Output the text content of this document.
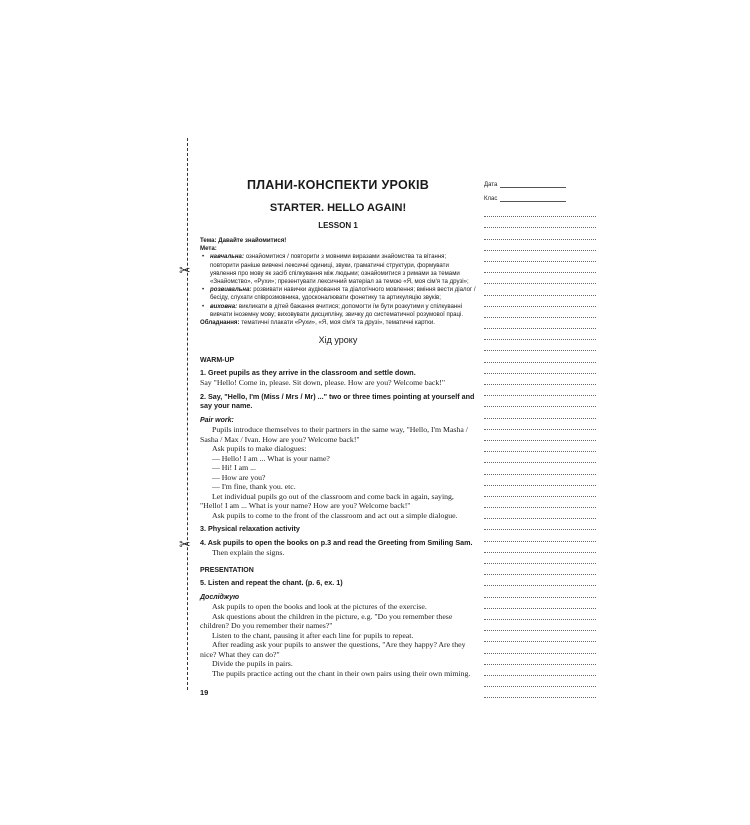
✂
✂
ПЛАНИ-КОНСПЕКТИ УРОКІВ
STARTER. HELLO AGAIN!
LESSON 1
Тема: Давайте знайомитися!
Мета:
• навчальна: ознайомитися / повторити з мовними виразами знайомства та вітання; повторити раніше вивчені лексичні одиниці, звуки, граматичні структури, формувати уявлення про мову як засіб спілкування між людьми; ознайомитися з римами за темами «Знайомство», «Рухи»; презентувати лексичний матеріал за темою «Я, моя сім'я та друзі»;
• розвивальна: розвивати навички аудіювання та діалогічного мовлення; вміння вести діалог / бесіду, слухати співрозмовника, удосконалювати фонетику та артикуляцію звуків;
• виховна: викликати в дітей бажання вчитися; допомогти їм бути розкутими у спілкуванні вивчати іноземну мову; виховувати дисципліну, звичку до систематичної розумової праці.
Обладнання: тематичні плакати «Рухи», «Я, моя сім'я та друзі», тематичні картки.
Хід уроку
WARM-UP
1. Greet pupils as they arrive in the classroom and settle down.
Say "Hello! Come in, please. Sit down, please. How are you? Welcome back!"
2. Say, "Hello, I'm (Miss / Mrs / Mr) ..." two or three times pointing at yourself and say your name.
Pair work:
Pupils introduce themselves to their partners in the same way, "Hello, I'm Masha / Sasha / Max / Ivan. How are you? Welcome back!"
Ask pupils to make dialogues:
— Hello! I am ... What is your name?
— Hi! I am ...
— How are you?
— I'm fine, thank you. etc.
Let individual pupils go out of the classroom and come back in again, saying, "Hello! I am ... What is your name? How are you? Welcome back!"
Ask pupils to come to the front of the classroom and act out a simple dialogue.
3. Physical relaxation activity
4. Ask pupils to open the books on p.3 and read the Greeting from Smiling Sam.
Then explain the signs.
PRESENTATION
5. Listen and repeat the chant. (p. 6, ex. 1)
Досліджую
Ask pupils to open the books and look at the pictures of the exercise.
Ask questions about the children in the picture, e.g. "Do you remember these children? Do you remember their names?"
Listen to the chant, pausing it after each line for pupils to repeat.
After reading ask your pupils to answer the questions, "Are they happy? Are they nice? What they can do?"
Divide the pupils in pairs.
The pupils practice acting out the chant in their own pairs using their own miming.
19
Дата
Клас
